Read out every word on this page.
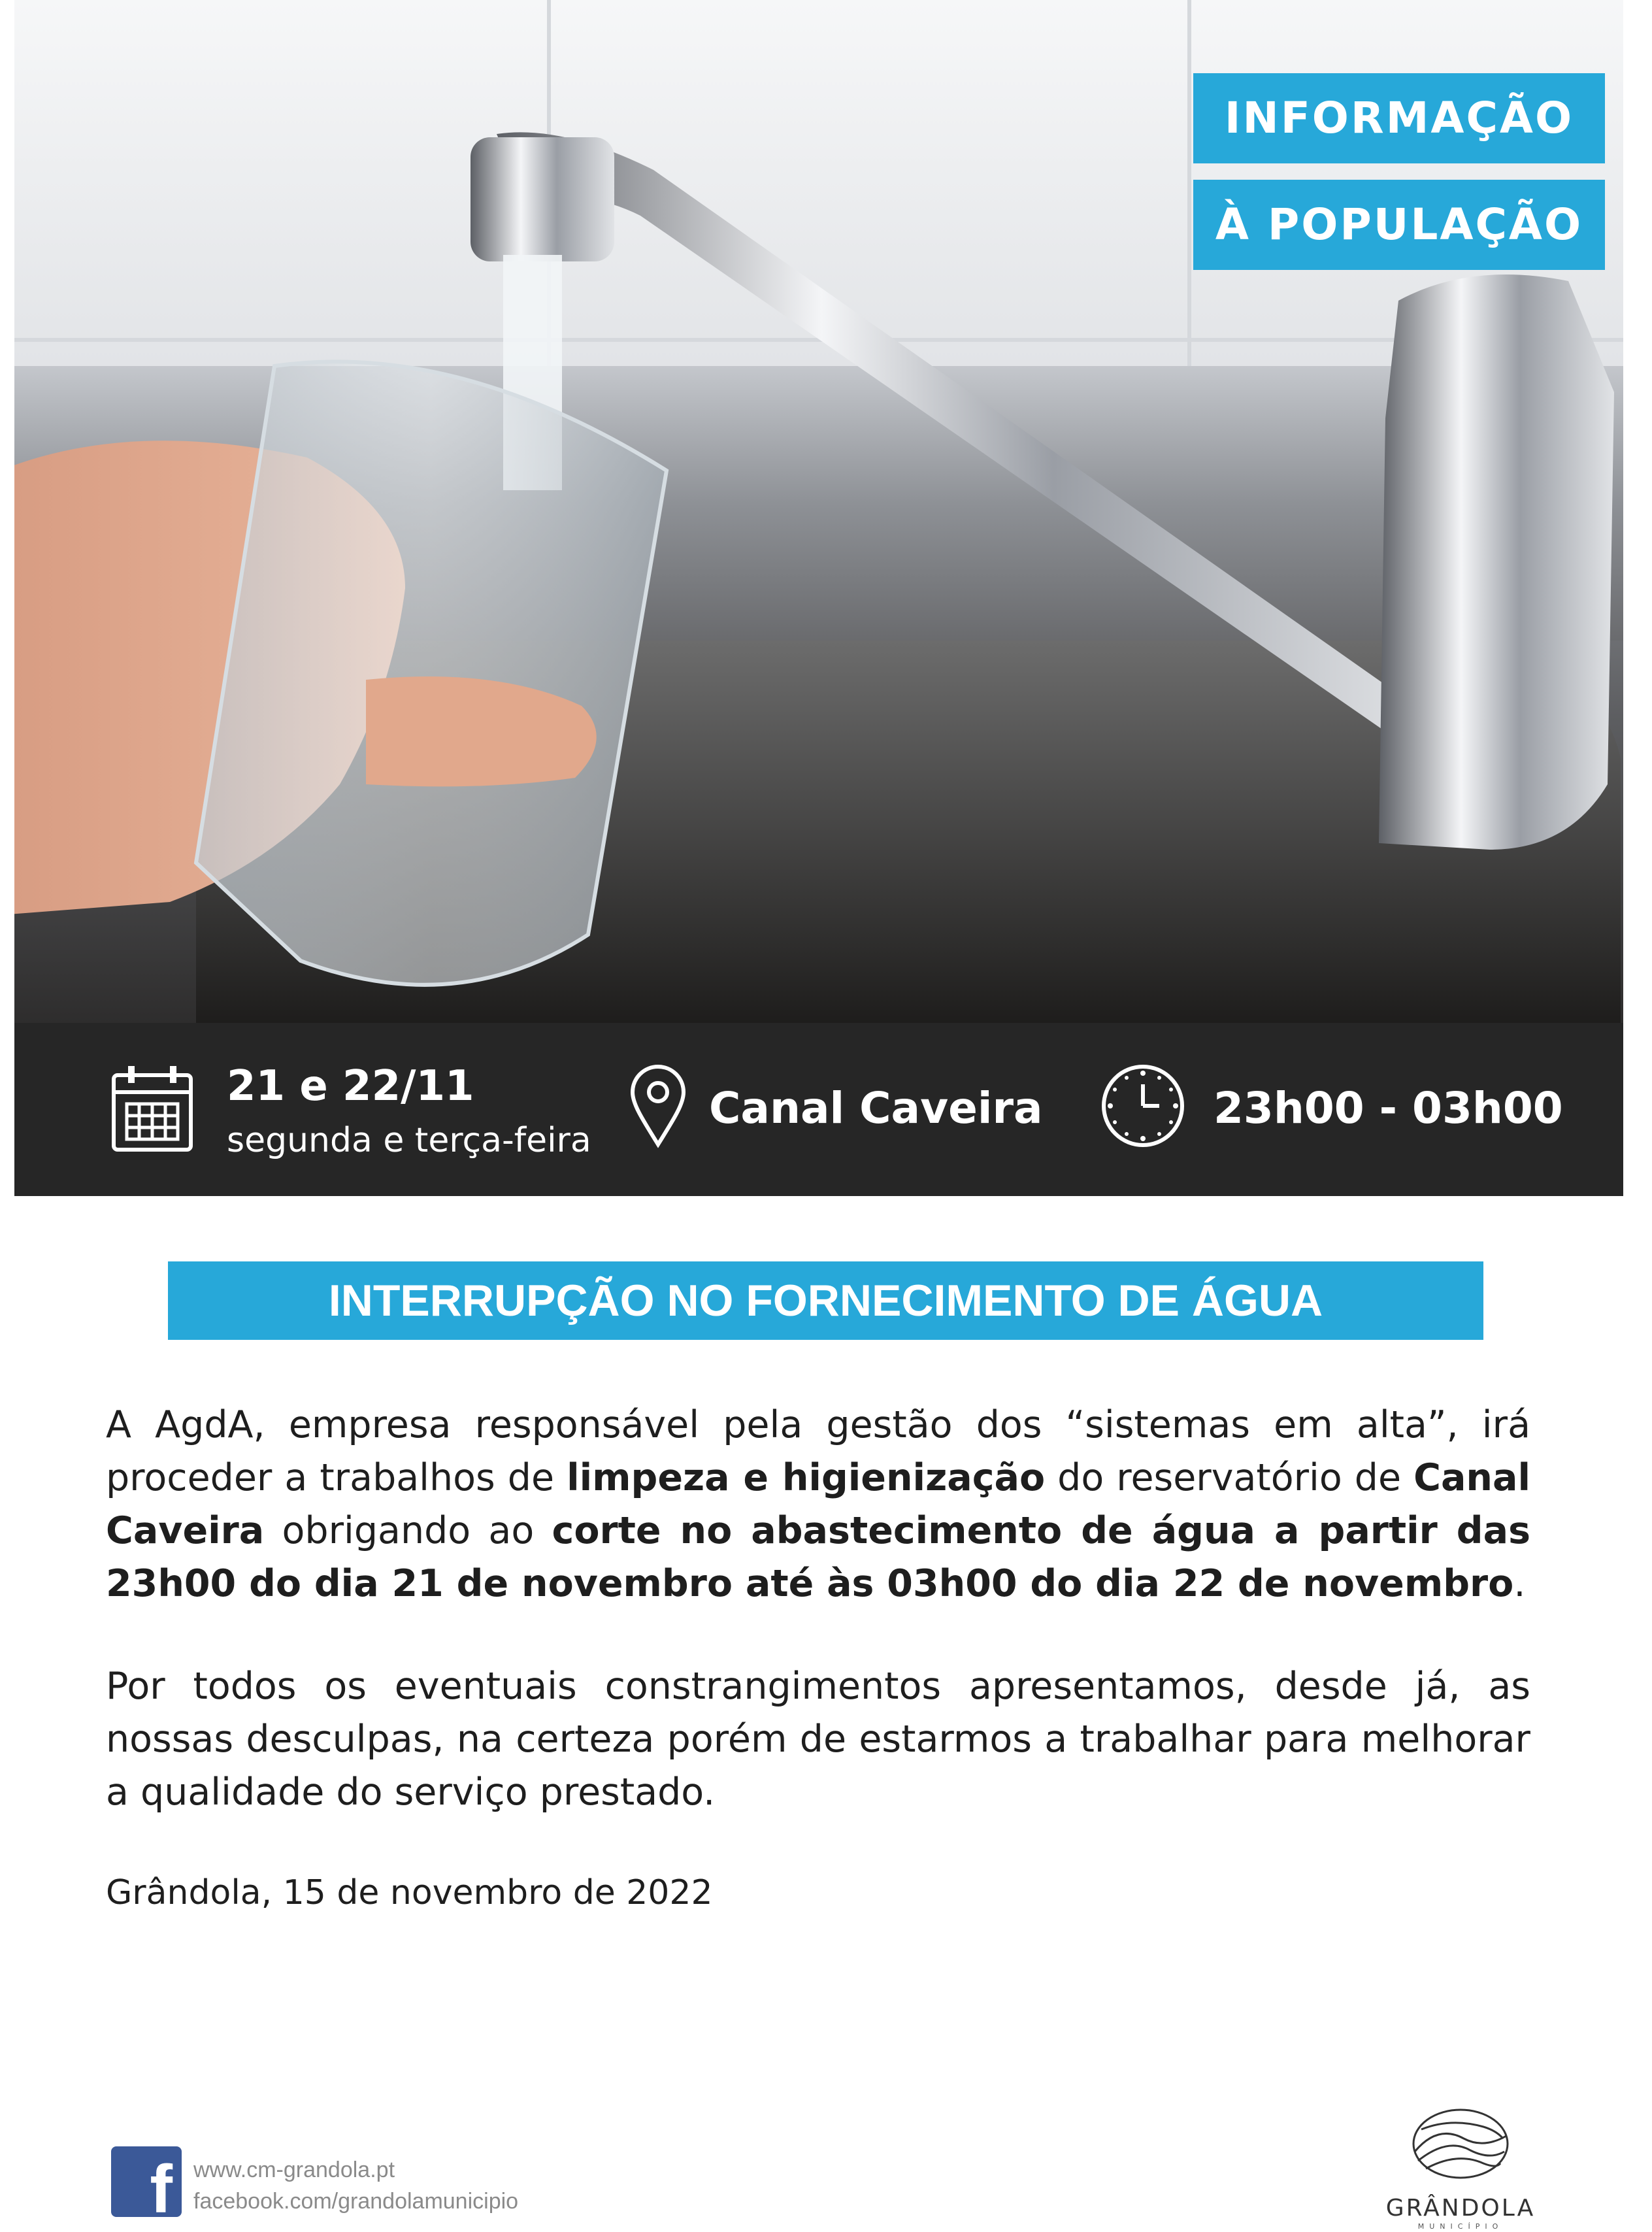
INFORMAÇÃO
À POPULAÇÃO
21 e 22/11
segunda e terça-feira
Canal Caveira	23h00 - 03h00
INTERRUPÇÃO NO FORNECIMENTO DE ÁGUA

A AgdA, empresa responsável pela gestão dos “sistemas em alta”, irá proceder a trabalhos de limpeza e higienização do reservatório de Canal Caveira obrigando ao corte no abastecimento de água a partir das 23h00 do dia 21 de novembro até às 03h00 do dia 22 de novembro.

Por todos os eventuais constrangimentos apresentamos, desde já, as nossas desculpas, na certeza porém de estarmos a trabalhar para melhorar a qualidade do serviço prestado.

Grândola, 15 de novembro de 2022
f www.cm-grandola.pt
facebook.com/grandolamunicipio	GRÂNDOLA
MUNICÍPIO
